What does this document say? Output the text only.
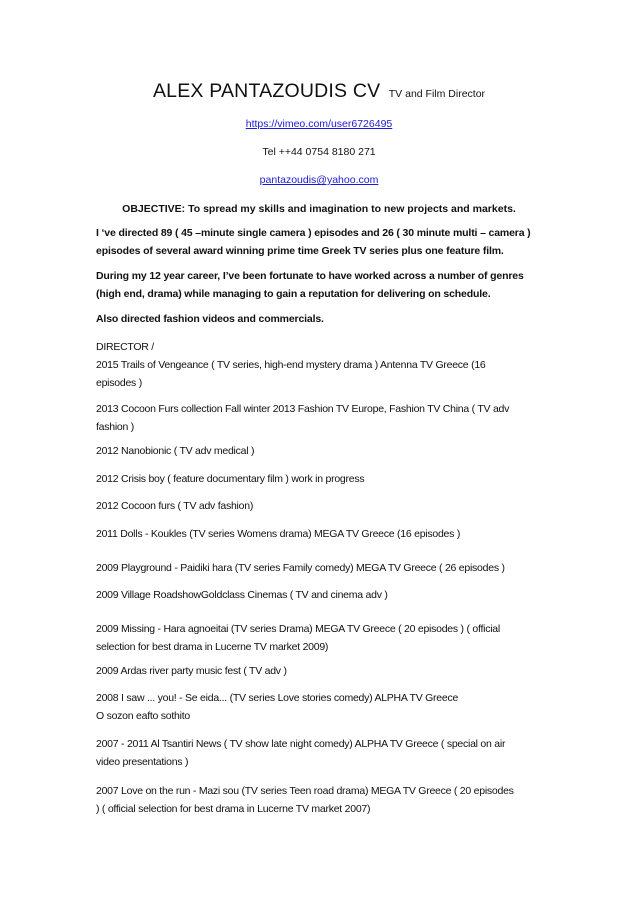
ALEX PANTAZOUDIS CV TV and Film Director
https://vimeo.com/user6726495
Tel ++44 0754 8180 271
pantazoudis@yahoo.com
OBJECTIVE: To spread my skills and imagination to new projects and markets.
I ‘ve directed 89 ( 45 –minute single camera ) episodes and 26 ( 30 minute multi – camera )
episodes of several award winning prime time Greek TV series plus one feature film.
During my 12 year career, I’ve been fortunate to have worked across a number of genres
(high end, drama) while managing to gain a reputation for delivering on schedule.
Also directed fashion videos and commercials.
DIRECTOR /
2015 Trails of Vengeance ( TV series, high-end mystery drama ) Antenna TV Greece (16
episodes )
2013 Cocoon Furs collection Fall winter 2013 Fashion TV Europe, Fashion TV China ( TV adv
fashion )
2012 Nanobionic ( TV adv medical )
2012 Crisis boy ( feature documentary film ) work in progress
2012 Cocoon furs ( TV adv fashion)
2011 Dolls - Koukles (TV series Womens drama) MEGA TV Greece (16 episodes )
2009 Playground - Paidiki hara (TV series Family comedy) MEGA TV Greece ( 26 episodes )
2009 Village RoadshowGoldclass Cinemas ( TV and cinema adv )
2009 Missing - Hara agnoeitai (TV series Drama) MEGA TV Greece ( 20 episodes ) ( official
selection for best drama in Lucerne TV market 2009)
2009 Ardas river party music fest ( TV adv )
2008 I saw ... you! - Se eida... (TV series Love stories comedy) ALPHA TV Greece
O sozon eafto sothito
2007 - 2011 Al Tsantiri News ( TV show late night comedy) ALPHA TV Greece ( special on air
video presentations )
2007 Love on the run - Mazi sou (TV series Teen road drama) MEGA TV Greece ( 20 episodes
) ( official selection for best drama in Lucerne TV market 2007)
